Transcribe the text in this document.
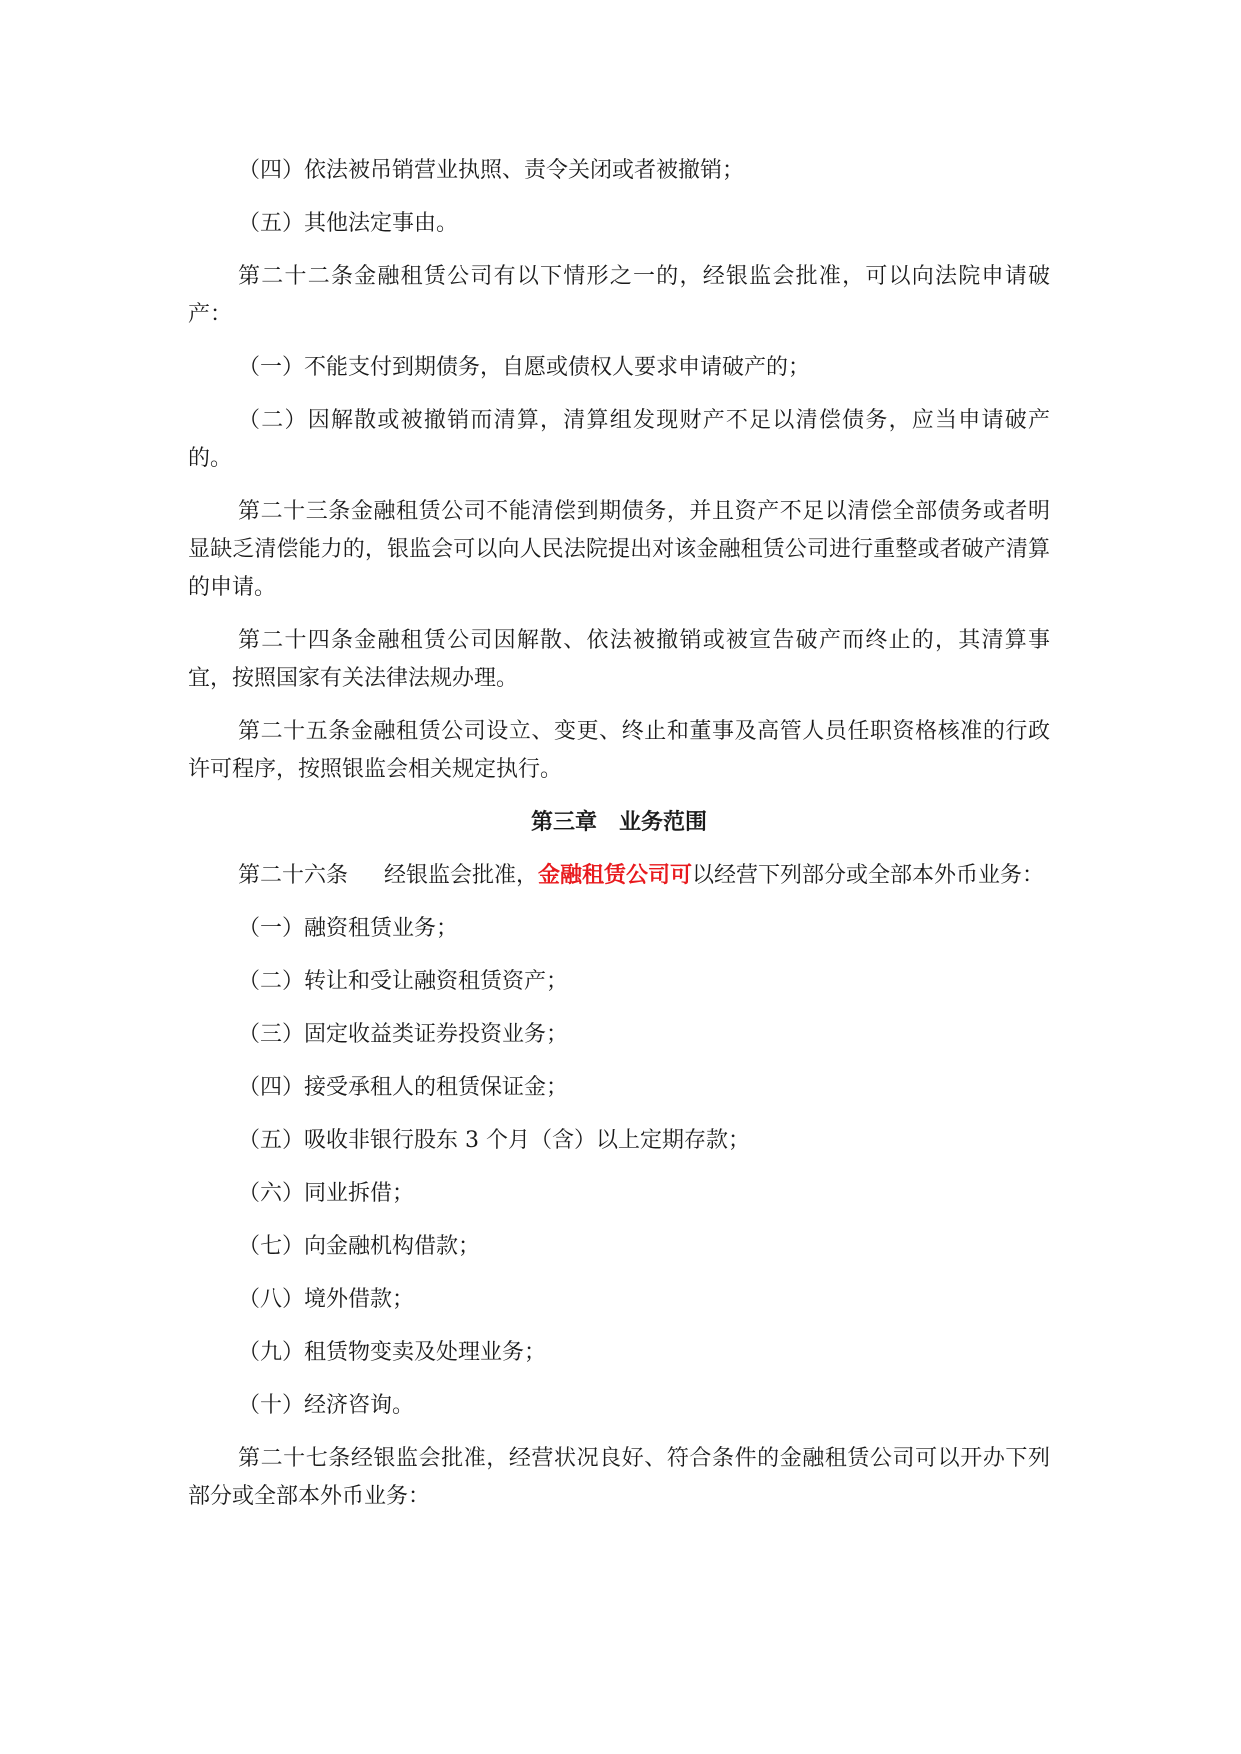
（四）依法被吊销营业执照、责令关闭或者被撤销；
（五）其他法定事由。
第二十二条金融租赁公司有以下情形之一的，经银监会批准，可以向法院申请破产：
（一）不能支付到期债务，自愿或债权人要求申请破产的；
（二）因解散或被撤销而清算，清算组发现财产不足以清偿债务，应当申请破产的。
第二十三条金融租赁公司不能清偿到期债务，并且资产不足以清偿全部债务或者明显缺乏清偿能力的，银监会可以向人民法院提出对该金融租赁公司进行重整或者破产清算的申请。
第二十四条金融租赁公司因解散、依法被撤销或被宣告破产而终止的，其清算事宜，按照国家有关法律法规办理。
第二十五条金融租赁公司设立、变更、终止和董事及高管人员任职资格核准的行政许可程序，按照银监会相关规定执行。
第三章　业务范围
第二十六条 经银监会批准，金融租赁公司可以经营下列部分或全部本外币业务：
（一）融资租赁业务；
（二）转让和受让融资租赁资产；
（三）固定收益类证券投资业务；
（四）接受承租人的租赁保证金；
（五）吸收非银行股东 3 个月（含）以上定期存款；
（六）同业拆借；
（七）向金融机构借款；
（八）境外借款；
（九）租赁物变卖及处理业务；
（十）经济咨询。
第二十七条经银监会批准，经营状况良好、符合条件的金融租赁公司可以开办下列部分或全部本外币业务：
